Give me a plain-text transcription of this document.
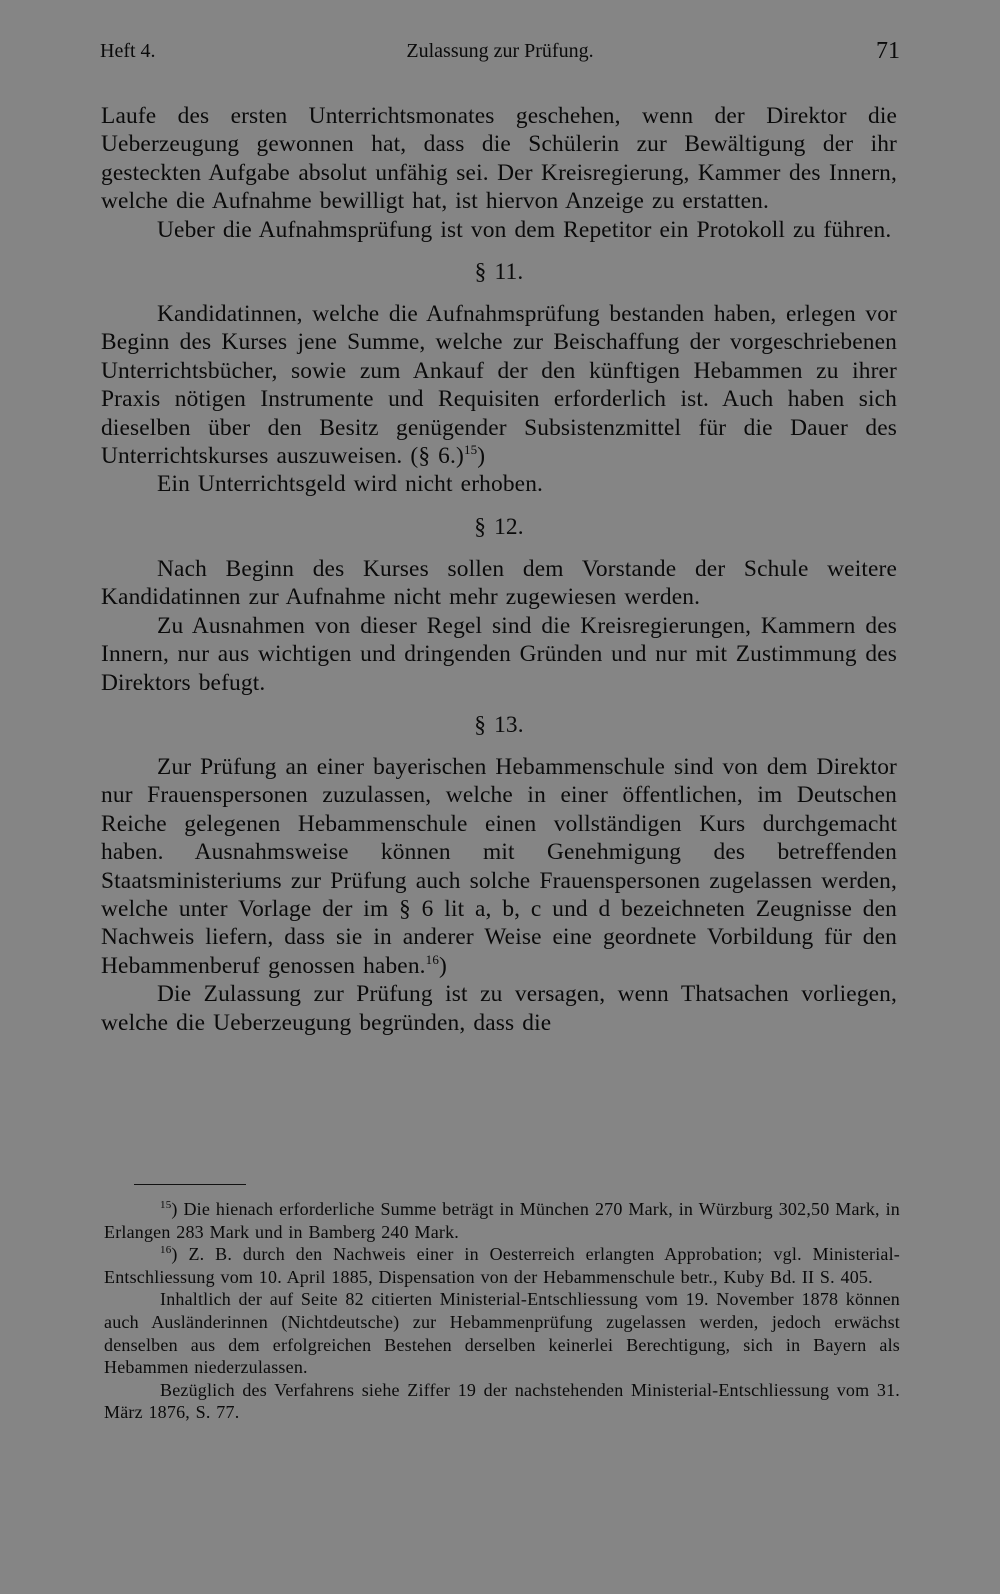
Heft 4.	Zulassung zur Prüfung.	71

Laufe des ersten Unterrichtsmonates geschehen, wenn der Direktor die Ueberzeugung gewonnen hat, dass die Schülerin zur Bewältigung der ihr gesteckten Aufgabe absolut unfähig sei. Der Kreisregierung, Kammer des Innern, welche die Aufnahme bewilligt hat, ist hiervon Anzeige zu erstatten.

Ueber die Aufnahmsprüfung ist von dem Repetitor ein Protokoll zu führen.

§ 11.

Kandidatinnen, welche die Aufnahmsprüfung bestanden haben, erlegen vor Beginn des Kurses jene Summe, welche zur Beischaffung der vorgeschriebenen Unterrichtsbücher, sowie zum Ankauf der den künftigen Hebammen zu ihrer Praxis nötigen Instrumente und Requisiten erforderlich ist. Auch haben sich dieselben über den Besitz genügender Subsistenzmittel für die Dauer des Unterrichtskurses auszuweisen. (§ 6.)$^{15}$)

Ein Unterrichtsgeld wird nicht erhoben.

§ 12.

Nach Beginn des Kurses sollen dem Vorstande der Schule weitere Kandidatinnen zur Aufnahme nicht mehr zugewiesen werden.

Zu Ausnahmen von dieser Regel sind die Kreisregierungen, Kammern des Innern, nur aus wichtigen und dringenden Gründen und nur mit Zustimmung des Direktors befugt.

§ 13.

Zur Prüfung an einer bayerischen Hebammenschule sind von dem Direktor nur Frauenspersonen zuzulassen, welche in einer öffentlichen, im Deutschen Reiche gelegenen Hebammenschule einen vollständigen Kurs durchgemacht haben. Ausnahmsweise können mit Genehmigung des betreffenden Staatsministeriums zur Prüfung auch solche Frauenspersonen zugelassen werden, welche unter Vorlage der im § 6 lit a, b, c und d bezeichneten Zeugnisse den Nachweis liefern, dass sie in anderer Weise eine geordnete Vorbildung für den Hebammenberuf genossen haben.$^{16}$)

Die Zulassung zur Prüfung ist zu versagen, wenn Thatsachen vorliegen, welche die Ueberzeugung begründen, dass die

$^{15}$) Die hienach erforderliche Summe beträgt in München 270 Mark, in Würzburg 302,50 Mark, in Erlangen 283 Mark und in Bamberg 240 Mark.

$^{16}$) Z. B. durch den Nachweis einer in Oesterreich erlangten Approbation; vgl. Ministerial-Entschliessung vom 10. April 1885, Dispensation von der Hebammenschule betr., Kuby Bd. II S. 405.

Inhaltlich der auf Seite 82 citierten Ministerial-Entschliessung vom 19. November 1878 können auch Ausländerinnen (Nichtdeutsche) zur Hebammenprüfung zugelassen werden, jedoch erwächst denselben aus dem erfolgreichen Bestehen derselben keinerlei Berechtigung, sich in Bayern als Hebammen niederzulassen.

Bezüglich des Verfahrens siehe Ziffer 19 der nachstehenden Ministerial-Entschliessung vom 31. März 1876, S. 77.
